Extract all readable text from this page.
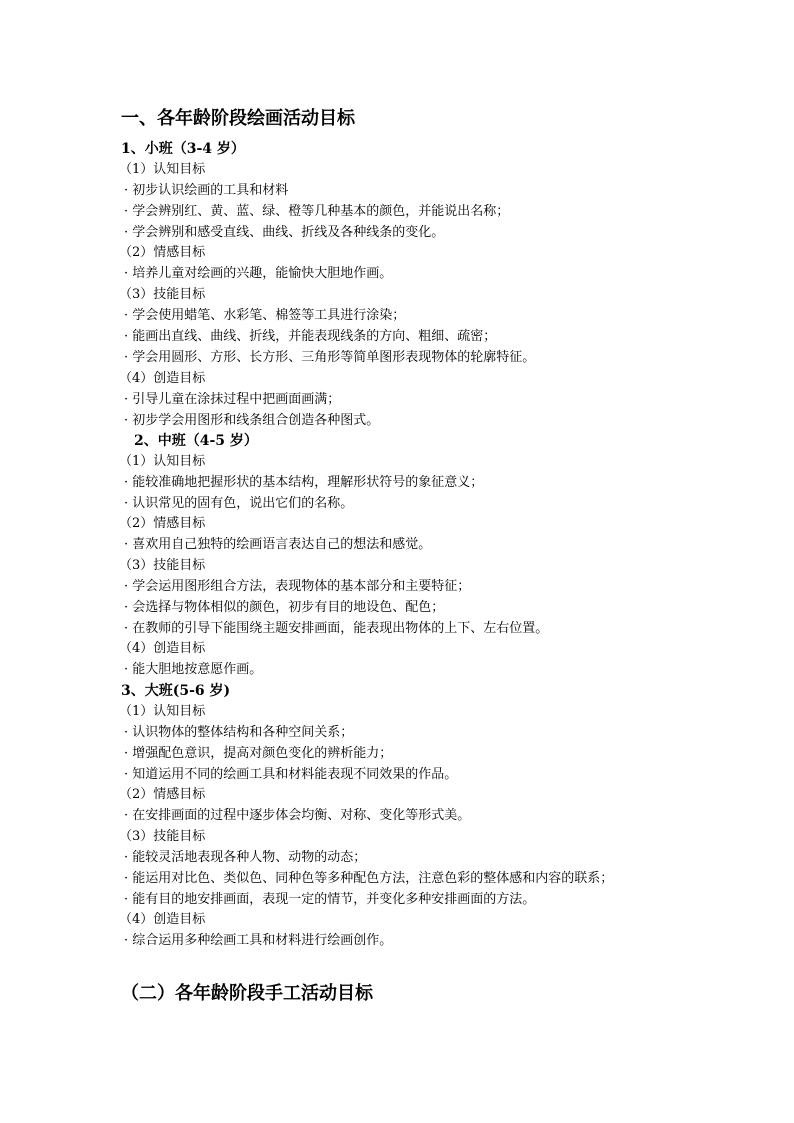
一、各年龄阶段绘画活动目标
1、小班（3-4 岁）
（1）认知目标
· 初步认识绘画的工具和材料
· 学会辨别红、黄、蓝、绿、橙等几种基本的颜色，并能说出名称；
· 学会辨别和感受直线、曲线、折线及各种线条的变化。
（2）情感目标
· 培养儿童对绘画的兴趣，能愉快大胆地作画。
（3）技能目标
· 学会使用蜡笔、水彩笔、棉签等工具进行涂染；
· 能画出直线、曲线、折线，并能表现线条的方向、粗细、疏密；
· 学会用圆形、方形、长方形、三角形等简单图形表现物体的轮廓特征。
（4）创造目标
· 引导儿童在涂抹过程中把画面画满；
· 初步学会用图形和线条组合创造各种图式。
2、中班（4-5 岁）
（1）认知目标
· 能较准确地把握形状的基本结构，理解形状符号的象征意义；
· 认识常见的固有色，说出它们的名称。
（2）情感目标
· 喜欢用自己独特的绘画语言表达自己的想法和感觉。
（3）技能目标
· 学会运用图形组合方法，表现物体的基本部分和主要特征；
· 会选择与物体相似的颜色，初步有目的地设色、配色；
· 在教师的引导下能围绕主题安排画面，能表现出物体的上下、左右位置。
（4）创造目标
· 能大胆地按意愿作画。
3、大班(5-6 岁)
（1）认知目标
· 认识物体的整体结构和各种空间关系；
· 增强配色意识，提高对颜色变化的辨析能力；
· 知道运用不同的绘画工具和材料能表现不同效果的作品。
（2）情感目标
· 在安排画面的过程中逐步体会均衡、对称、变化等形式美。
（3）技能目标
· 能较灵活地表现各种人物、动物的动态；
· 能运用对比色、类似色、同种色等多种配色方法，注意色彩的整体感和内容的联系；
· 能有目的地安排画面，表现一定的情节，并变化多种安排画面的方法。
（4）创造目标
· 综合运用多种绘画工具和材料进行绘画创作。
（二）各年龄阶段手工活动目标
